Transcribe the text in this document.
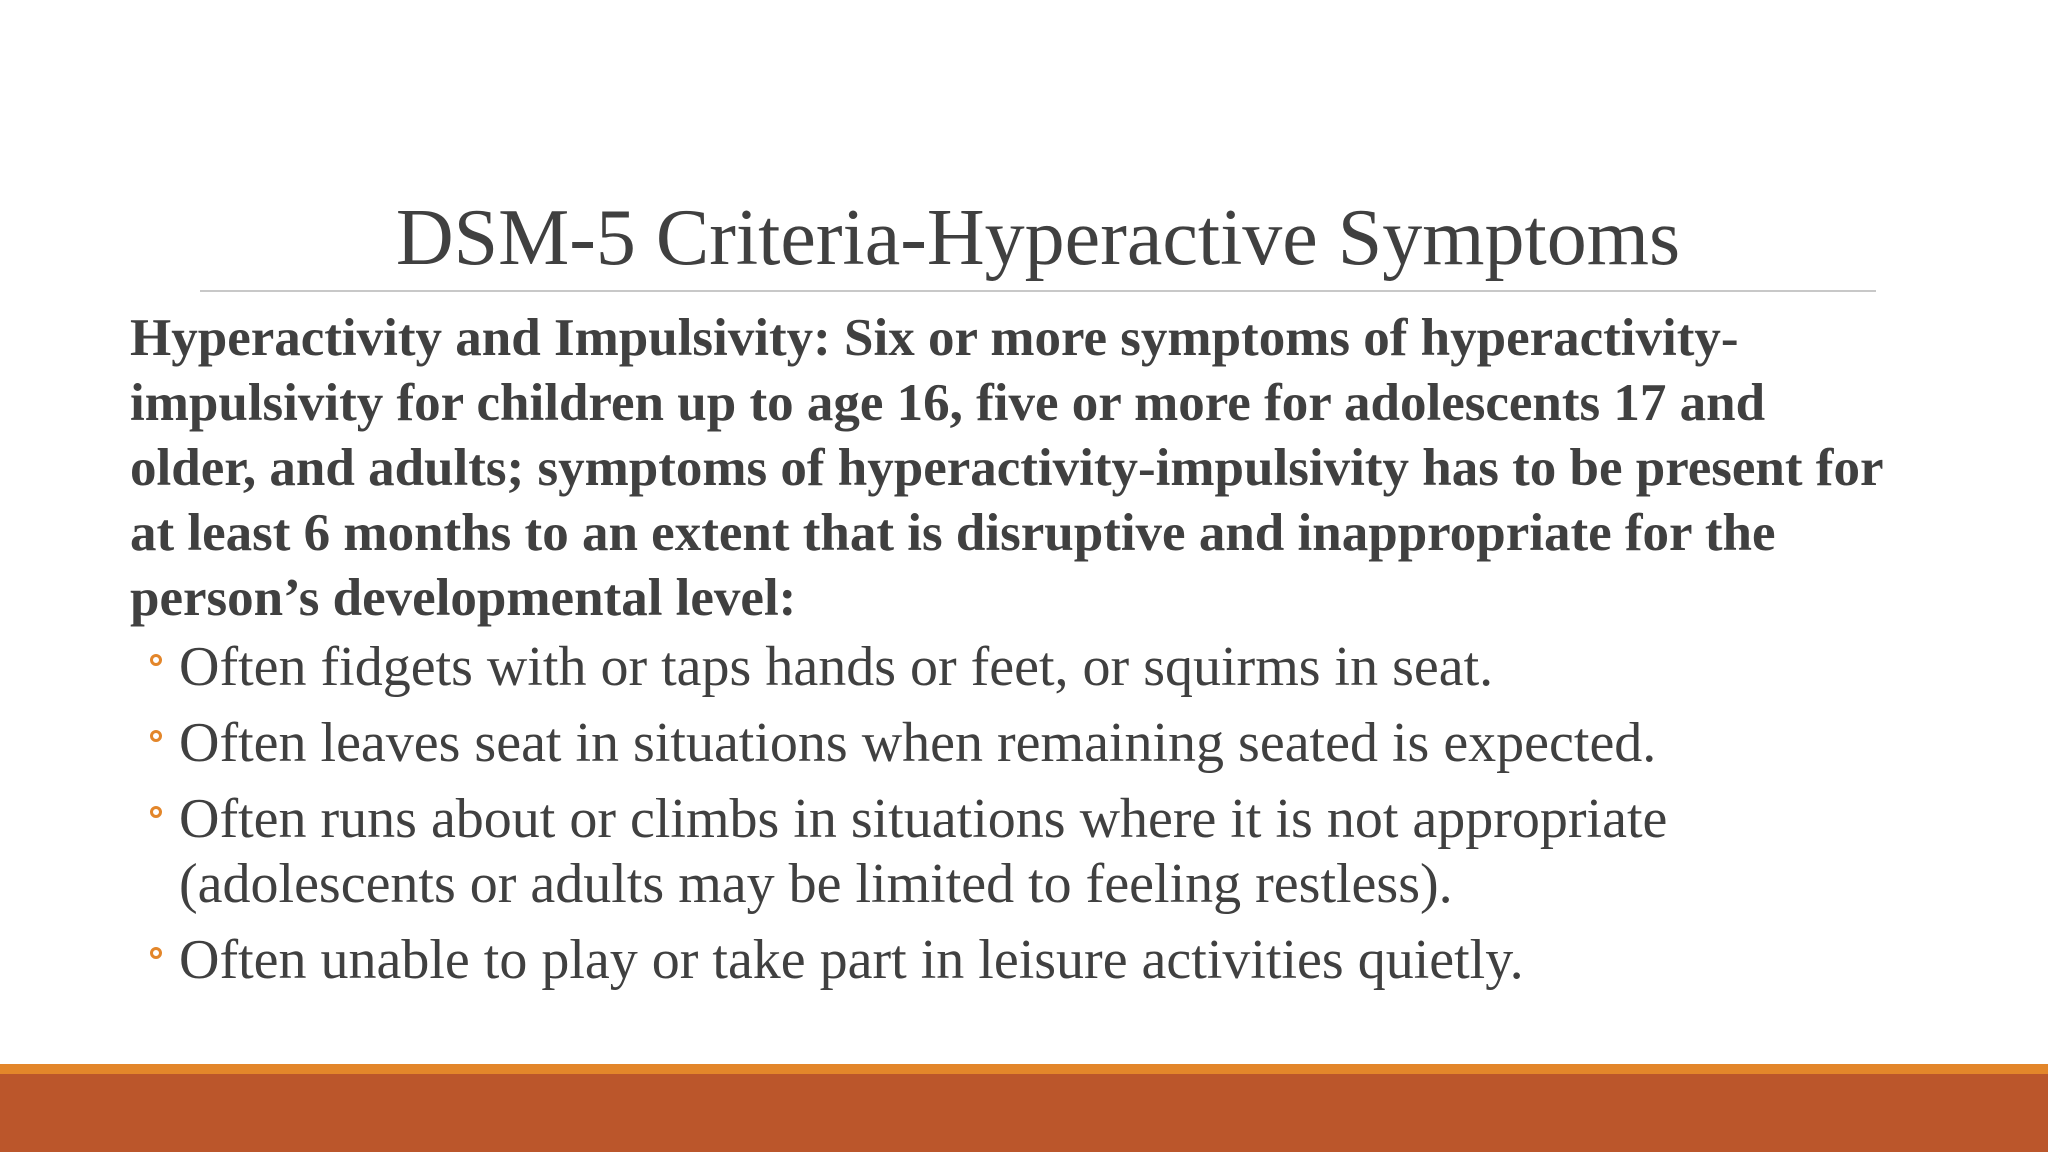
DSM-5 Criteria-Hyperactive Symptoms

Hyperactivity and Impulsivity: Six or more symptoms of hyperactivity-impulsivity for children up to age 16, five or more for adolescents 17 and older, and adults; symptoms of hyperactivity-impulsivity has to be present for at least 6 months to an extent that is disruptive and inappropriate for the person’s developmental level:

Often fidgets with or taps hands or feet, or squirms in seat.
Often leaves seat in situations when remaining seated is expected.
Often runs about or climbs in situations where it is not appropriate (adolescents or adults may be limited to feeling restless).
Often unable to play or take part in leisure activities quietly.
